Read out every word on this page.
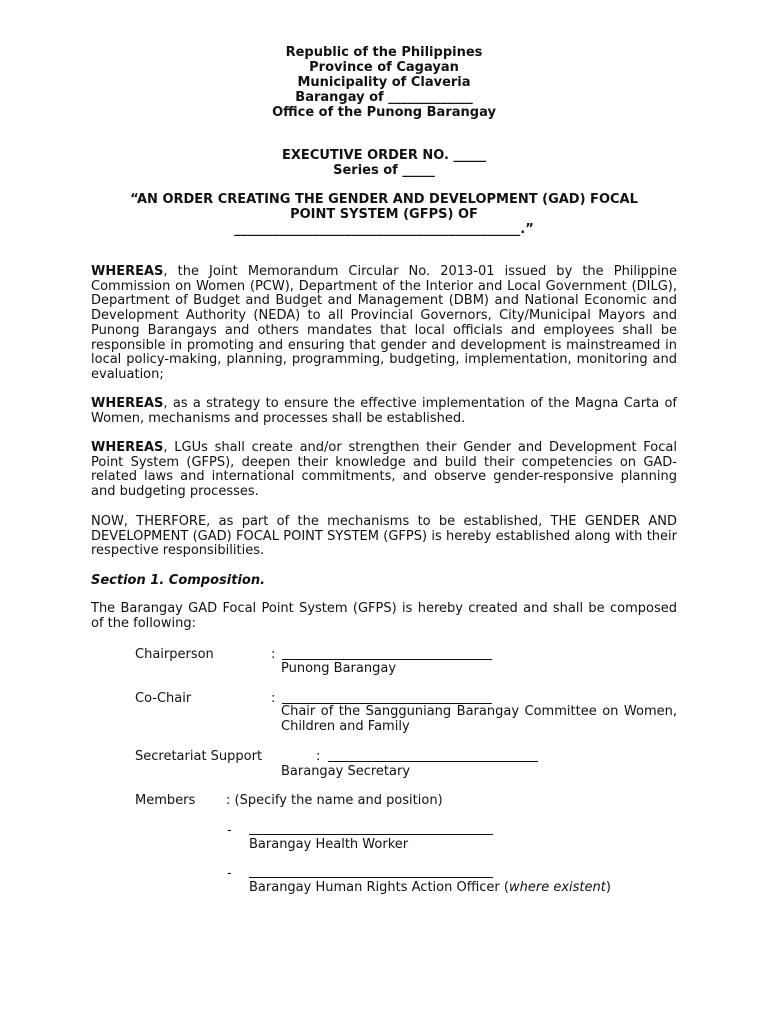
Republic of the Philippines
Province of Cagayan
Municipality of Claveria
Barangay of _____________
Office of the Punong Barangay
EXECUTIVE ORDER NO. _____
Series of _____
“AN ORDER CREATING THE GENDER AND DEVELOPMENT (GAD) FOCAL
POINT SYSTEM (GFPS) OF
____________________________________________.”
WHEREAS, the Joint Memorandum Circular No. 2013-01 issued by the Philippine Commission on Women (PCW), Department of the Interior and Local Government (DILG), Department of Budget and Budget and Management (DBM) and National Economic and Development Authority (NEDA) to all Provincial Governors, City/Municipal Mayors and Punong Barangays and others mandates that local officials and employees shall be responsible in promoting and ensuring that gender and development is mainstreamed in local policy-making, planning, programming, budgeting, implementation, monitoring and evaluation;
WHEREAS, as a strategy to ensure the effective implementation of the Magna Carta of Women, mechanisms and processes shall be established.
WHEREAS, LGUs shall create and/or strengthen their Gender and Development Focal Point System (GFPS), deepen their knowledge and build their competencies on GAD-related laws and international commitments, and observe gender-responsive planning and budgeting processes.
NOW, THERFORE, as part of the mechanisms to be established, THE GENDER AND DEVELOPMENT (GAD) FOCAL POINT SYSTEM (GFPS) is hereby established along with their respective responsibilities.
Section 1. Composition.
The Barangay GAD Focal Point System (GFPS) is hereby created and shall be composed of the following:
Chairperson	:
Punong Barangay
Co-Chair	:
Chair of the Sangguniang Barangay Committee on Women, Children and Family
Secretariat Support	:
Barangay Secretary
Members : (Specify the name and position)
-
Barangay Health Worker
-
Barangay Human Rights Action Officer (where existent)
